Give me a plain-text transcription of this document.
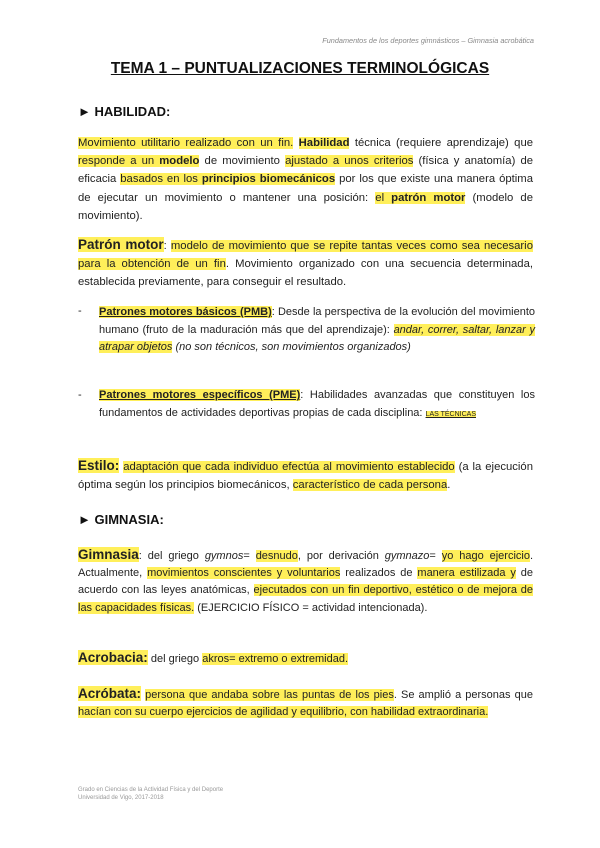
Fundamentos de los deportes gimnásticos – Gimnasia acrobática
TEMA 1 – PUNTUALIZACIONES TERMINOLÓGICAS
► HABILIDAD:
Movimiento utilitario realizado con un fin. Habilidad técnica (requiere aprendizaje) que responde a un modelo de movimiento ajustado a unos criterios (física y anatomía) de eficacia basados en los principios biomecánicos por los que existe una manera óptima de ejecutar un movimiento o mantener una posición: el patrón motor (modelo de movimiento).
Patrón motor: modelo de movimiento que se repite tantas veces como sea necesario para la obtención de un fin. Movimiento organizado con una secuencia determinada, establecida previamente, para conseguir el resultado.
- Patrones motores básicos (PMB): Desde la perspectiva de la evolución del movimiento humano (fruto de la maduración más que del aprendizaje): andar, correr, saltar, lanzar y atrapar objetos (no son técnicos, son movimientos organizados)
- Patrones motores específicos (PME): Habilidades avanzadas que constituyen los fundamentos de actividades deportivas propias de cada disciplina: LAS TÉCNICAS
Estilo: adaptación que cada individuo efectúa al movimiento establecido (a la ejecución óptima según los principios biomecánicos, característico de cada persona.
► GIMNASIA:
Gimnasia: del griego gymnos= desnudo, por derivación gymnazo= yo hago ejercicio. Actualmente, movimientos conscientes y voluntarios realizados de manera estilizada y de acuerdo con las leyes anatómicas, ejecutados con un fin deportivo, estético o de mejora de las capacidades físicas. (EJERCICIO FÍSICO = actividad intencionada).
Acrobacia: del griego akros= extremo o extremidad.
Acróbata: persona que andaba sobre las puntas de los pies. Se amplió a personas que hacían con su cuerpo ejercicios de agilidad y equilibrio, con habilidad extraordinaria.
Grado en Ciencias de la Actividad Física y del Deporte
Universidad de Vigo, 2017-2018
